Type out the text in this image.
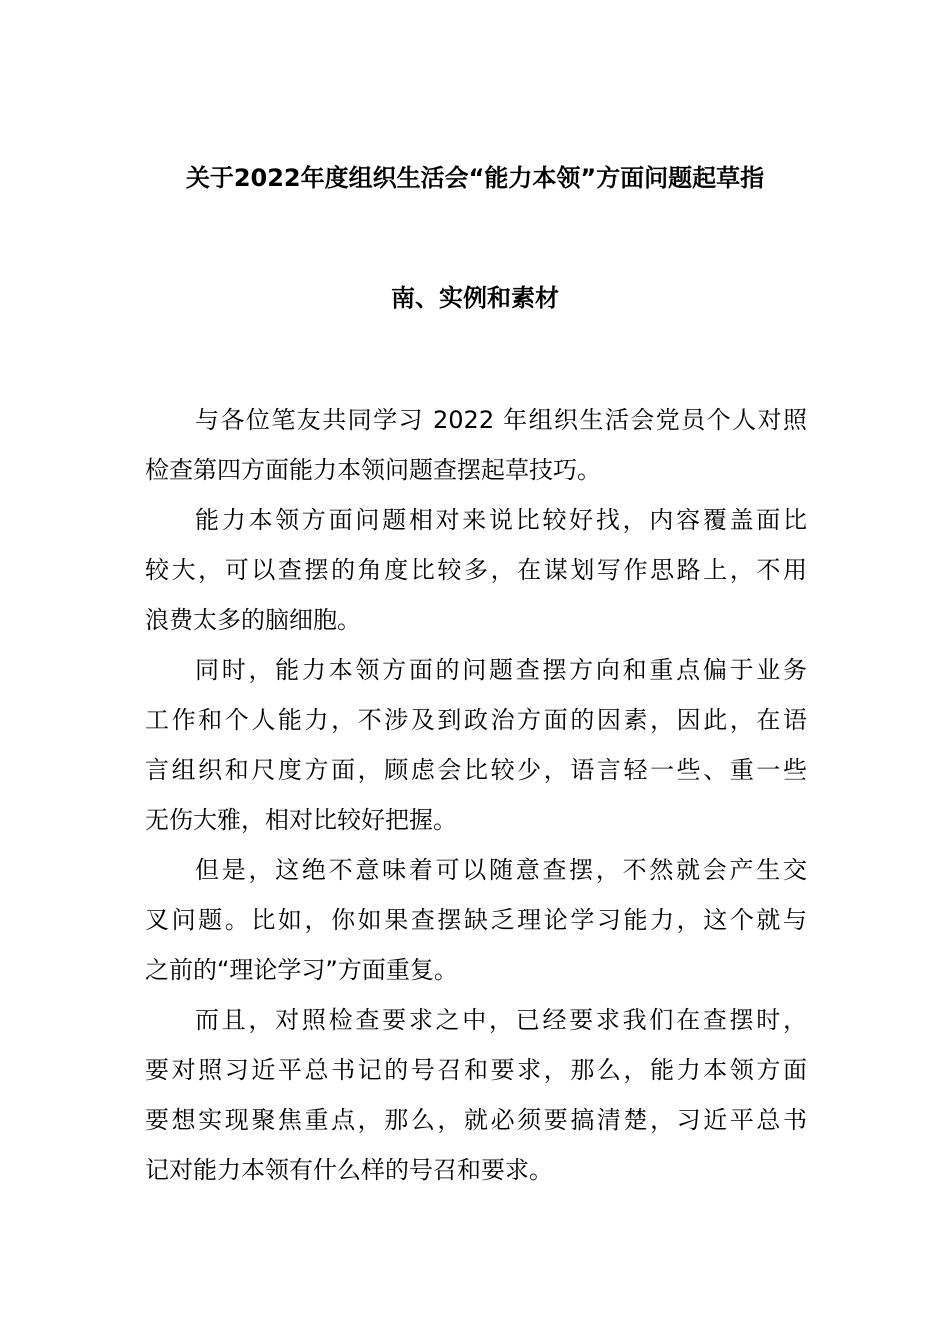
关于2022年度组织生活会“能力本领”方面问题起草指
南、实例和素材
与各位笔友共同学习 2022 年组织生活会党员个人对照
检查第四方面能力本领问题查摆起草技巧。
能力本领方面问题相对来说比较好找，内容覆盖面比
较大，可以查摆的角度比较多，在谋划写作思路上，不用
浪费太多的脑细胞。
同时，能力本领方面的问题查摆方向和重点偏于业务
工作和个人能力，不涉及到政治方面的因素，因此，在语
言组织和尺度方面，顾虑会比较少，语言轻一些、重一些
无伤大雅，相对比较好把握。
但是，这绝不意味着可以随意查摆，不然就会产生交
叉问题。比如，你如果查摆缺乏理论学习能力，这个就与
之前的“理论学习”方面重复。
而且，对照检查要求之中，已经要求我们在查摆时，
要对照习近平总书记的号召和要求，那么，能力本领方面
要想实现聚焦重点，那么，就必须要搞清楚，习近平总书
记对能力本领有什么样的号召和要求。
